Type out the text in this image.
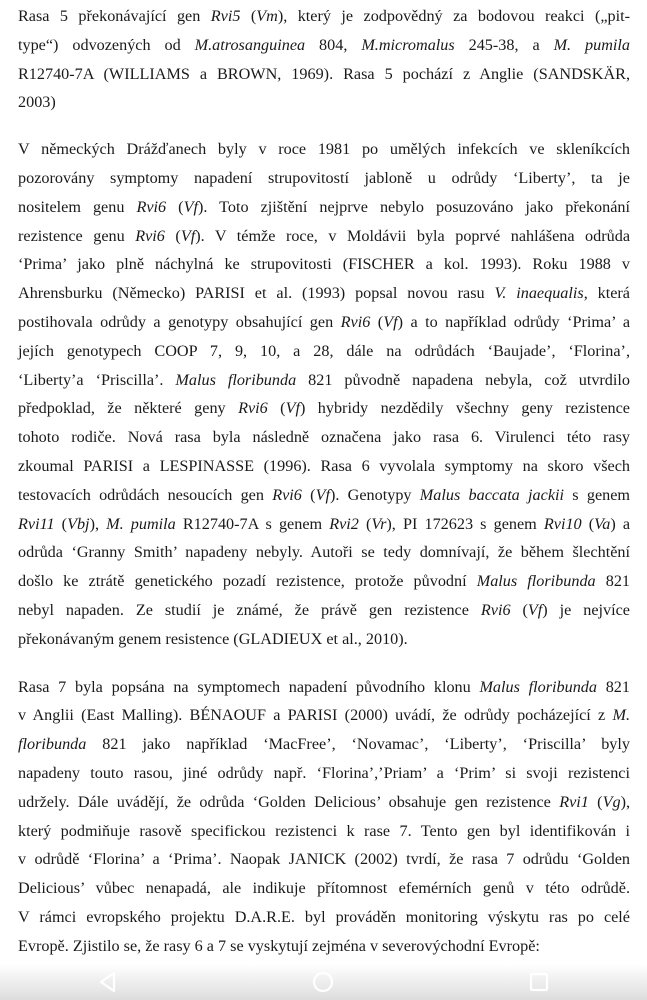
Rasa 5 překonávající gen Rvi5 (Vm), který je zodpovědný za bodovou reakci („pit-
type“) odvozených od M.atrosanguinea 804, M.micromalus 245-38, a M. pumila
R12740-7A (WILLIAMS a BROWN, 1969). Rasa 5 pochází z Anglie (SANDSKÄR,
2003)
V německých Drážďanech byly v roce 1981 po umělých infekcích ve skleníkcích
pozorovány symptomy napadení strupovitostí jabloně u odrůdy ‘Liberty’, ta je
nositelem genu Rvi6 (Vf). Toto zjištění nejprve nebylo posuzováno jako překonání
rezistence genu Rvi6 (Vf). V témže roce, v Moldávii byla poprvé nahlášena odrůda
‘Prima’ jako plně náchylná ke strupovitosti (FISCHER a kol. 1993). Roku 1988 v
Ahrensburku (Německo) PARISI et al. (1993) popsal novou rasu V. inaequalis, která
postihovala odrůdy a genotypy obsahující gen Rvi6 (Vf) a to například odrůdy ‘Prima’ a
jejích genotypech COOP 7, 9, 10, a 28, dále na odrůdách ‘Baujade’, ‘Florina’,
‘Liberty’a ‘Priscilla’. Malus floribunda 821 původně napadena nebyla, což utvrdilo
předpoklad, že některé geny Rvi6 (Vf) hybridy nezdědily všechny geny rezistence
tohoto rodiče. Nová rasa byla následně označena jako rasa 6. Virulenci této rasy
zkoumal PARISI a LESPINASSE (1996). Rasa 6 vyvolala symptomy na skoro všech
testovacích odrůdách nesoucích gen Rvi6 (Vf). Genotypy Malus baccata jackii s genem
Rvi11 (Vbj), M. pumila R12740-7A s genem Rvi2 (Vr), PI 172623 s genem Rvi10 (Va) a
odrůda ‘Granny Smith’ napadeny nebyly. Autoři se tedy domnívají, že během šlechtění
došlo ke ztrátě genetického pozadí rezistence, protože původní Malus floribunda 821
nebyl napaden. Ze studií je známé, že právě gen rezistence Rvi6 (Vf) je nejvíce
překonávaným genem resistence (GLADIEUX et al., 2010).
Rasa 7 byla popsána na symptomech napadení původního klonu Malus floribunda 821
v Anglii (East Malling). BÉNAOUF a PARISI (2000) uvádí, že odrůdy pocházející z M.
floribunda 821 jako například ‘MacFree’, ‘Novamac’, ‘Liberty’, ‘Priscilla’ byly
napadeny touto rasou, jiné odrůdy např. ‘Florina’,’Priam’ a ‘Prim’ si svoji rezistenci
udržely. Dále uvádějí, že odrůda ‘Golden Delicious’ obsahuje gen rezistence Rvi1 (Vg),
který podmiňuje rasově specifickou rezistenci k rase 7. Tento gen byl identifikován i
v odrůdě ‘Florina’ a ‘Prima’. Naopak JANICK (2002) tvrdí, že rasa 7 odrůdu ‘Golden
Delicious’ vůbec nenapadá, ale indikuje přítomnost efemérních genů v této odrůdě.
V rámci evropského projektu D.A.R.E. byl prováděn monitoring výskytu ras po celé
Evropě. Zjistilo se, že rasy 6 a 7 se vyskytují zejména v severovýchodní Evropě:
